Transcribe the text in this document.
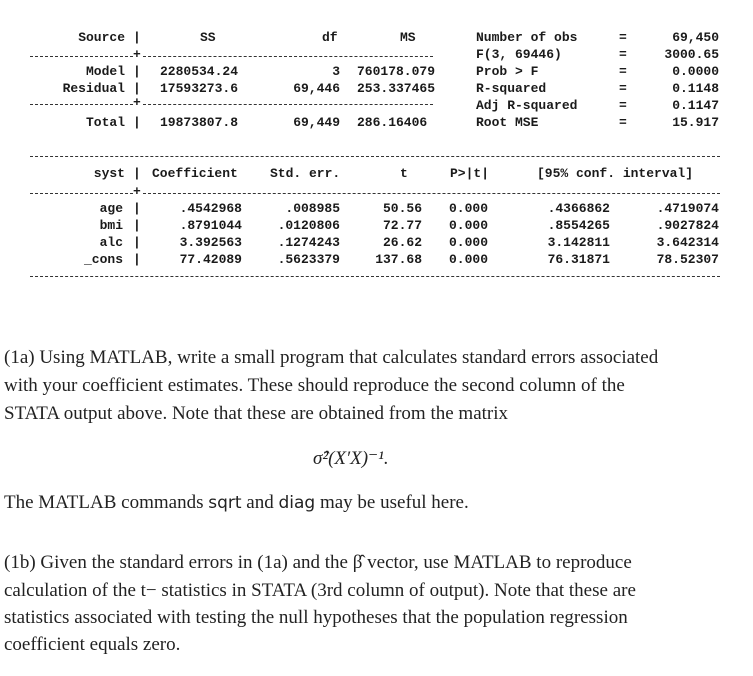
Source |	SS	df	MS
+
Model | 2280534.24	3 760178.079
Residual | 17593273.6	69,446 253.337465
+
Total | 19873807.8	69,449 286.16406
Number of obs	=	69,450
F(3, 69446)	=	3000.65
Prob > F	=	0.0000
R-squared	=	0.1148
Adj R-squared	=	0.1147
Root MSE	=	15.917
syst | Coefficient Std. err.	t	P>|t|	[95% conf. interval]
+
age |	.4542968	.008985	50.56 0.000	.4366862	.4719074
bmi |	.8791044	.0120806	72.77 0.000	.8554265	.9027824
alc |	3.392563	.1274243	26.62 0.000	3.142811	3.642314
_cons |	77.42089	.5623379	137.68 0.000	76.31871	78.52307
(1a) Using MATLAB, write a small program that calculates standard errors associated
with your coefficient estimates. These should reproduce the second column of the
STATA output above. Note that these are obtained from the matrix
σ̂²(X′X)⁻¹.
The MATLAB commands sqrt and diag may be useful here.
(1b) Given the standard errors in (1a) and the β̂ vector, use MATLAB to reproduce
calculation of the t− statistics in STATA (3rd column of output). Note that these are
statistics associated with testing the null hypotheses that the population regression
coefficient equals zero.
